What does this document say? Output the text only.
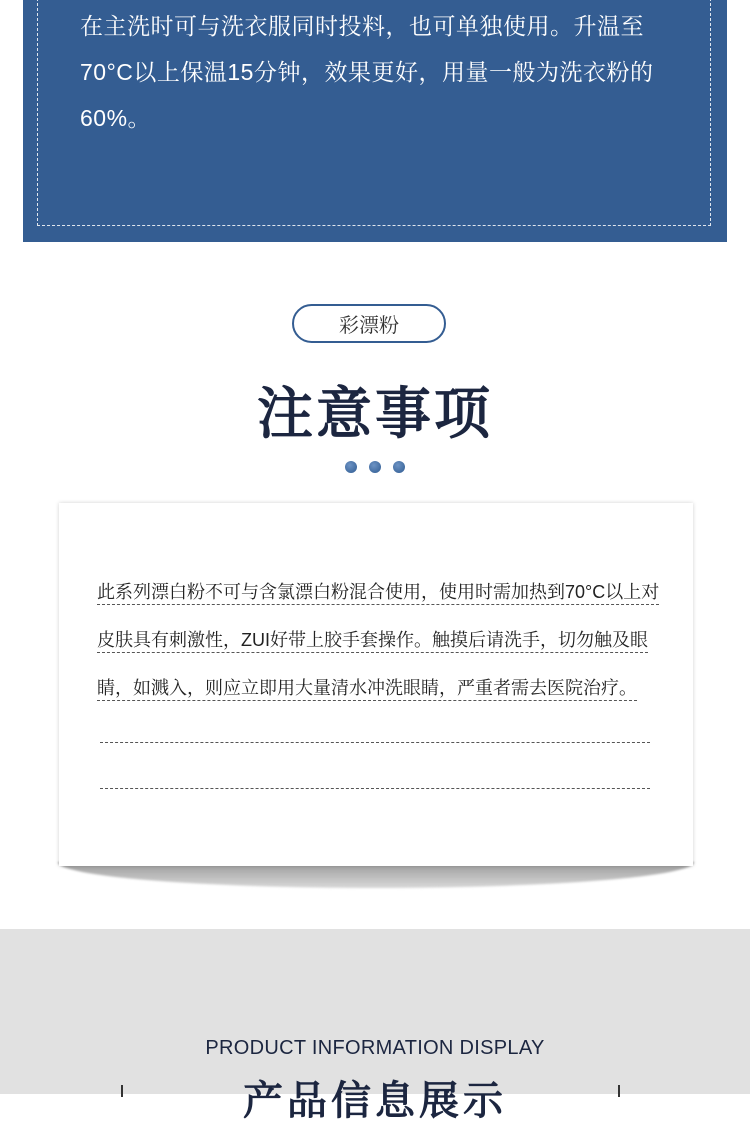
在主洗时可与洗衣服同时投料，也可单独使用。升温至
70°C以上保温15分钟，效果更好，用量一般为洗衣粉的
60%。

彩漂粉
注意事项

此系列漂白粉不可与含氯漂白粉混合使用，使用时需加热到70°C以上对
皮肤具有刺激性，ZUI好带上胶手套操作。触摸后请洗手，切勿触及眼
睛，如溅入，则应立即用大量清水冲洗眼睛，严重者需去医院治疗。

PRODUCT INFORMATION DISPLAY

产品信息展示
